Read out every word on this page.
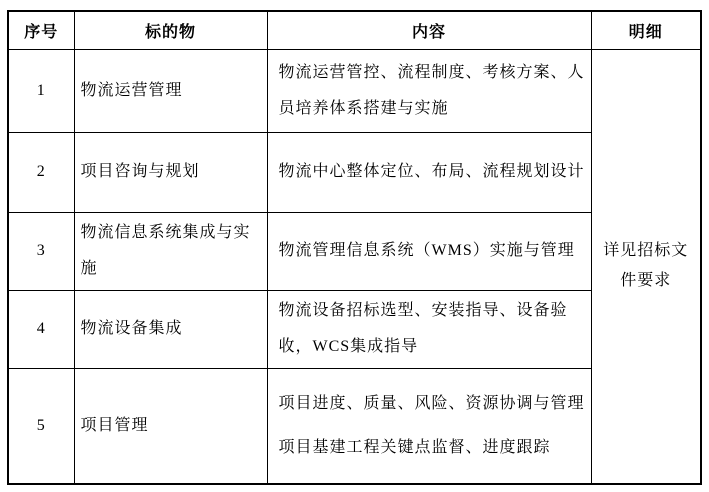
序号	标的物	内容	明细
1	物流运营管理	物流运营管控、流程制度、考核方案、人员培养体系搭建与实施	详见招标文件要求
2	项目咨询与规划	物流中心整体定位、布局、流程规划设计	

3	物流信息系统集成与实施	物流管理信息系统（WMS）实施与管理	

4	物流设备集成	物流设备招标选型、安装指导、设备验收，WCS集成指导	

5	项目管理	项目进度、质量、风险、资源协调与管理

项目基建工程关键点监督、进度跟踪	
